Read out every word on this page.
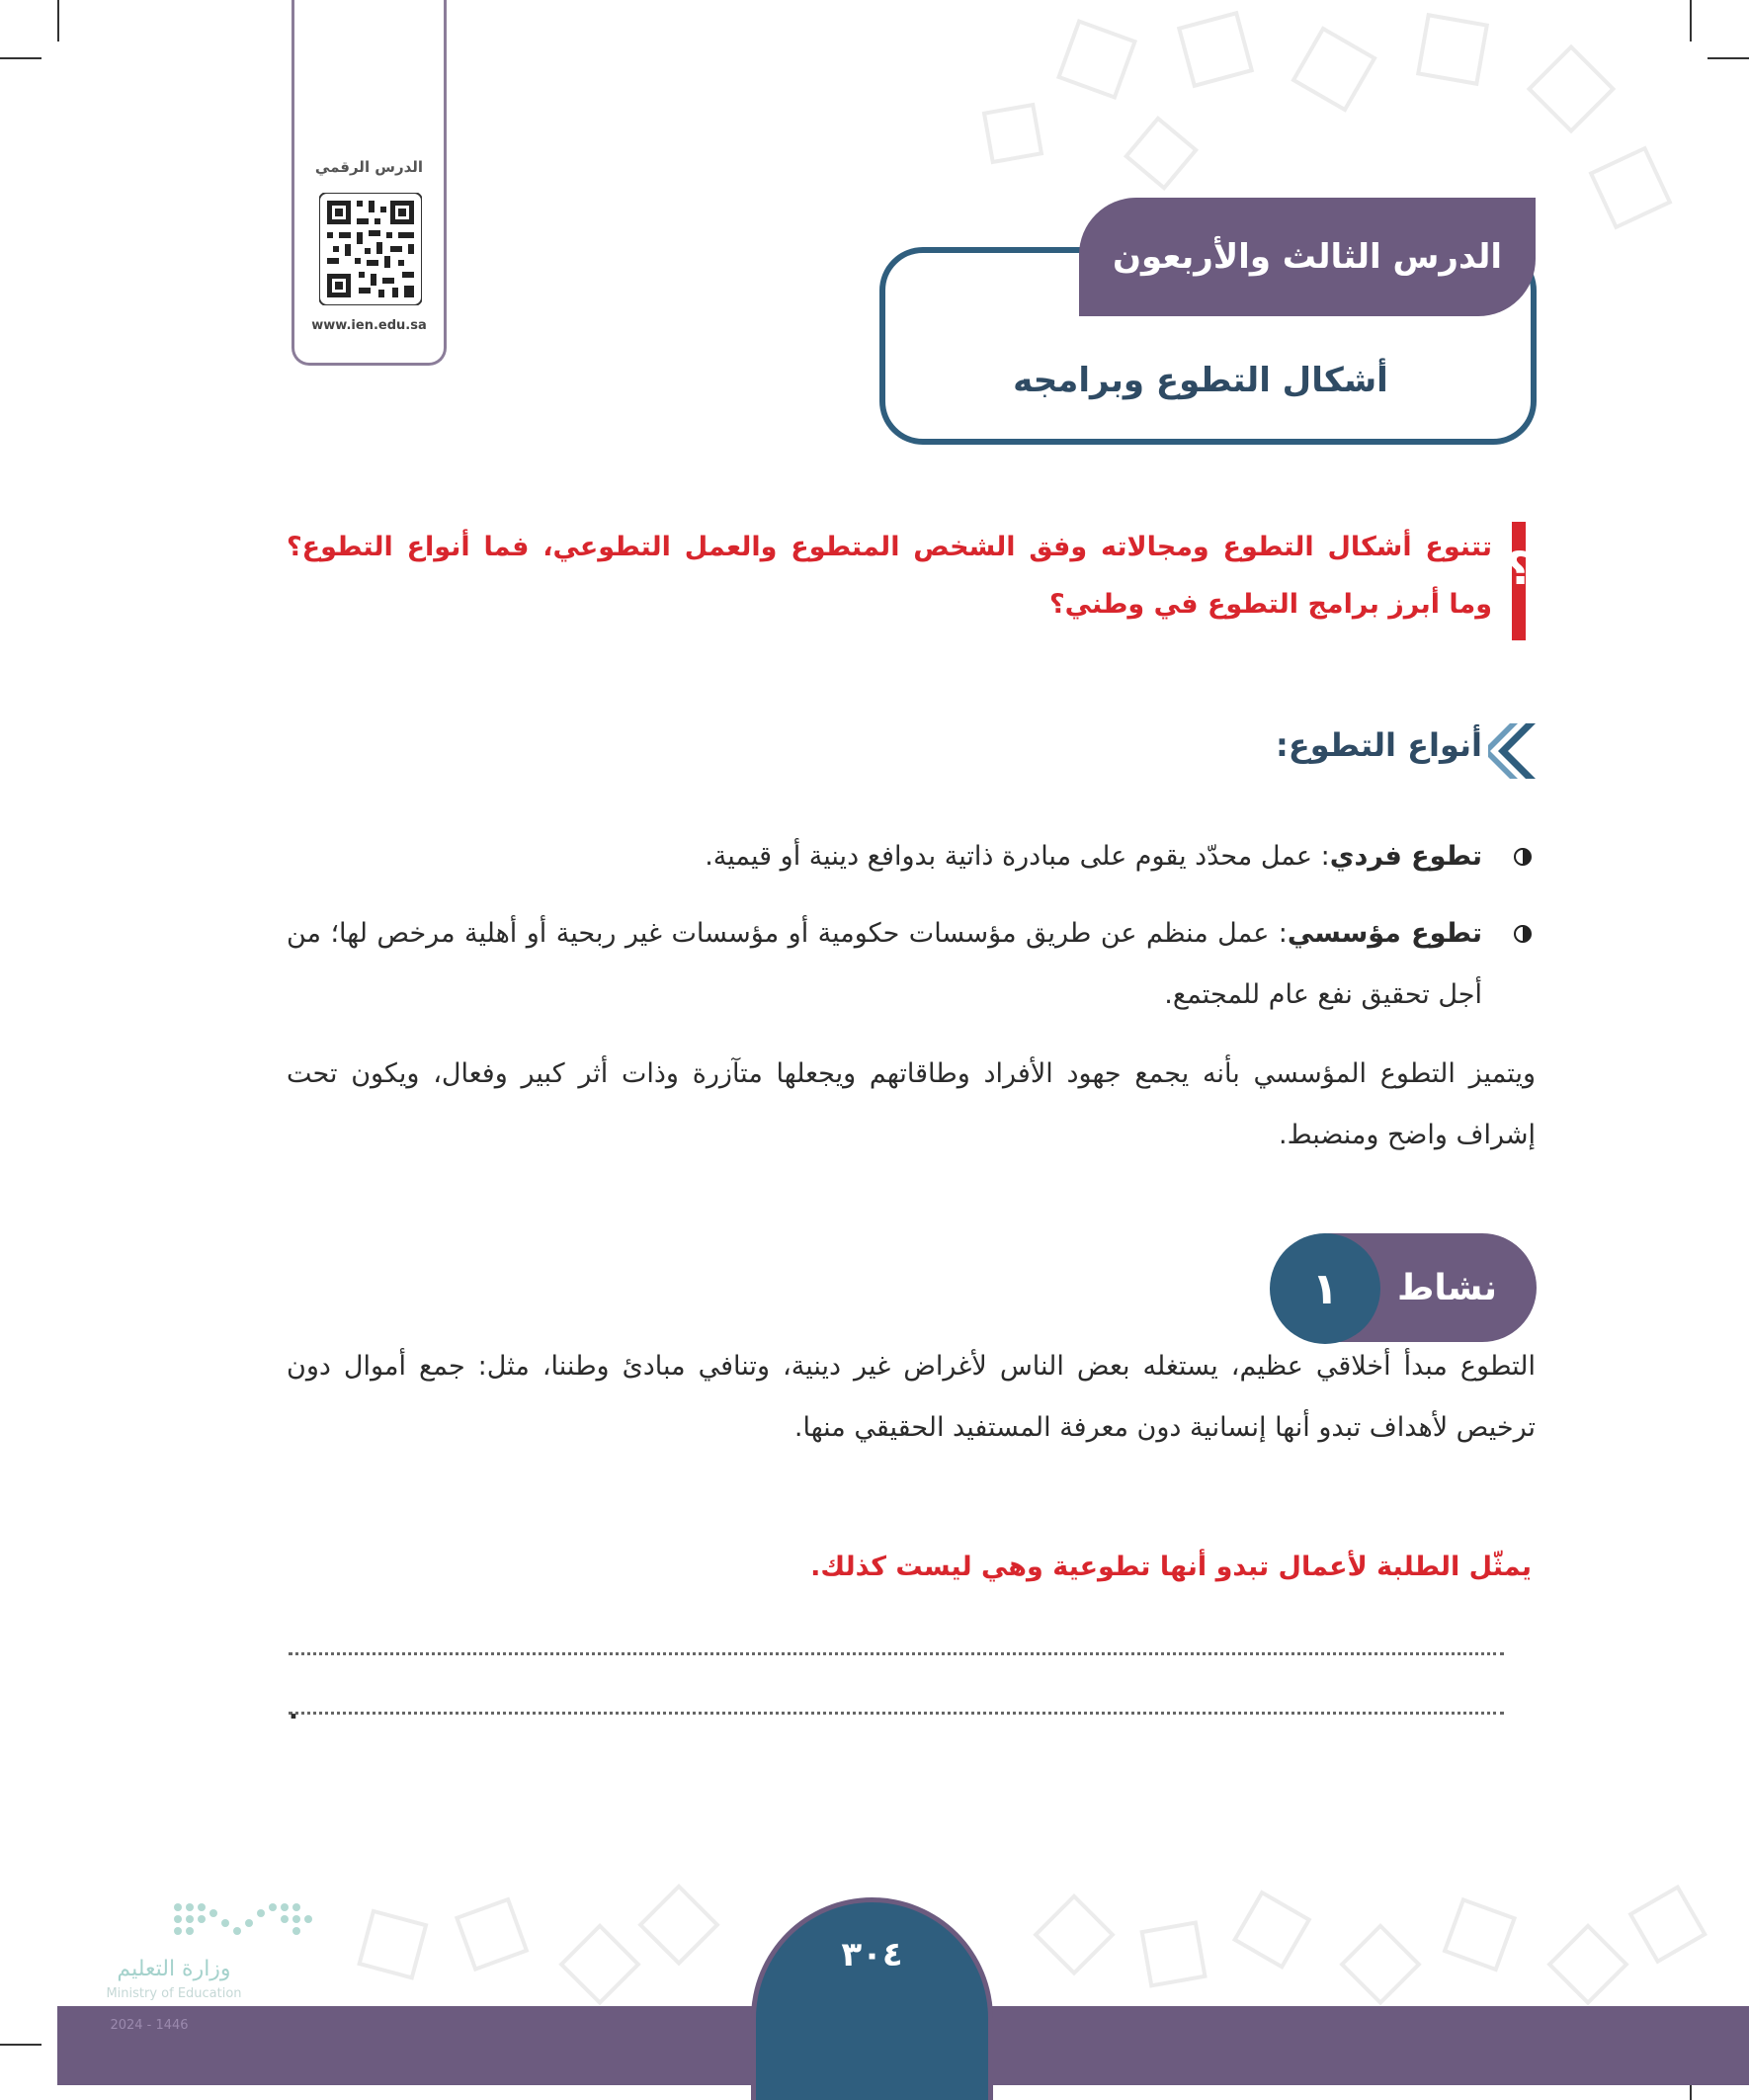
الدرس الرقمي
www.ien.edu.sa
الدرس الثالث والأربعون
أشكال التطوع وبرامجه
؟
تتنوع أشكال التطوع ومجالاته وفق الشخص المتطوع والعمل التطوعي، فما أنواع التطوع؟ وما أبرز برامج التطوع في وطني؟
أنواع التطوع:
تطوع فردي: عمل محدّد يقوم على مبادرة ذاتية بدوافع دينية أو قيمية.
تطوع مؤسسي: عمل منظم عن طريق مؤسسات حكومية أو مؤسسات غير ربحية أو أهلية مرخص لها؛ من أجل تحقيق نفع عام للمجتمع.
ويتميز التطوع المؤسسي بأنه يجمع جهود الأفراد وطاقاتهم ويجعلها متآزرة وذات أثر كبير وفعال، ويكون تحت إشراف واضح ومنضبط.
نشاط
١
التطوع مبدأ أخلاقي عظيم، يستغله بعض الناس لأغراض غير دينية، وتنافي مبادئ وطننا، مثل: جمع أموال دون ترخيص لأهداف تبدو أنها إنسانية دون معرفة المستفيد الحقيقي منها.
يمثّل الطلبة لأعمال تبدو أنها تطوعية وهي ليست كذلك.
.
٣٠٤
وزارة التعليم
Ministry of Education
2024 - 1446
